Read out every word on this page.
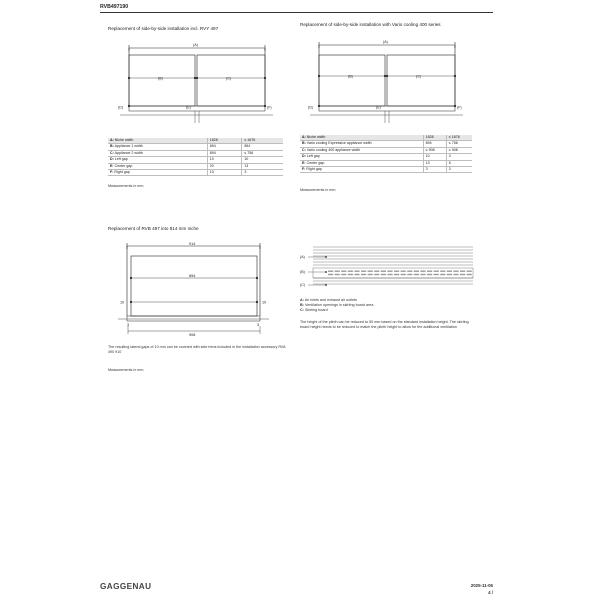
RVB497190
Replacement of side-by-side installation incl. RVY 497
(A)
(B)	(C)
(D)	(E)	(F)
A: Niche width	1828	≤ 1676
B: Appliance 1 width	894	894
C: Appliance 2 width	894	≤ 756
D: Left gap	10	10
E: Center gap	20	13
F: Right gap	10	3
Measurements in mm
Replacement of side-by-side installation with Vario cooling 400 series
(A)
(B)	(C)
(D)	(E)	(F)
A: Niche width	1828	≤ 1676
B: Vario cooling Expressive appliance width	894	≤ 756
C: Vario cooling 400 appliance width	≤ 908	≤ 908
D: Left gap	10	3
E: Center gap	13	6
F: Right gap	3	3
Measurements in mm
Replacement of RVB 497 into 914 mm niche
914
894
10	10
3	3
908
The resulting lateral gaps of 10 mm can be covered with side trims included in the installation accessory RVA 490 910
Measurements in mm
(A)
(B)
(C)
A: Air inlets and exhaust air outlets
B: Ventilation openings in skirting board area
C: Skirting board
The height of the plinth can be reduced to 50 mm based on the standard installation height. The skirting board height needs to be reduced to match the plinth height to allow for the additional ventilation
GAGGENAU	2025-11-05
4 /
